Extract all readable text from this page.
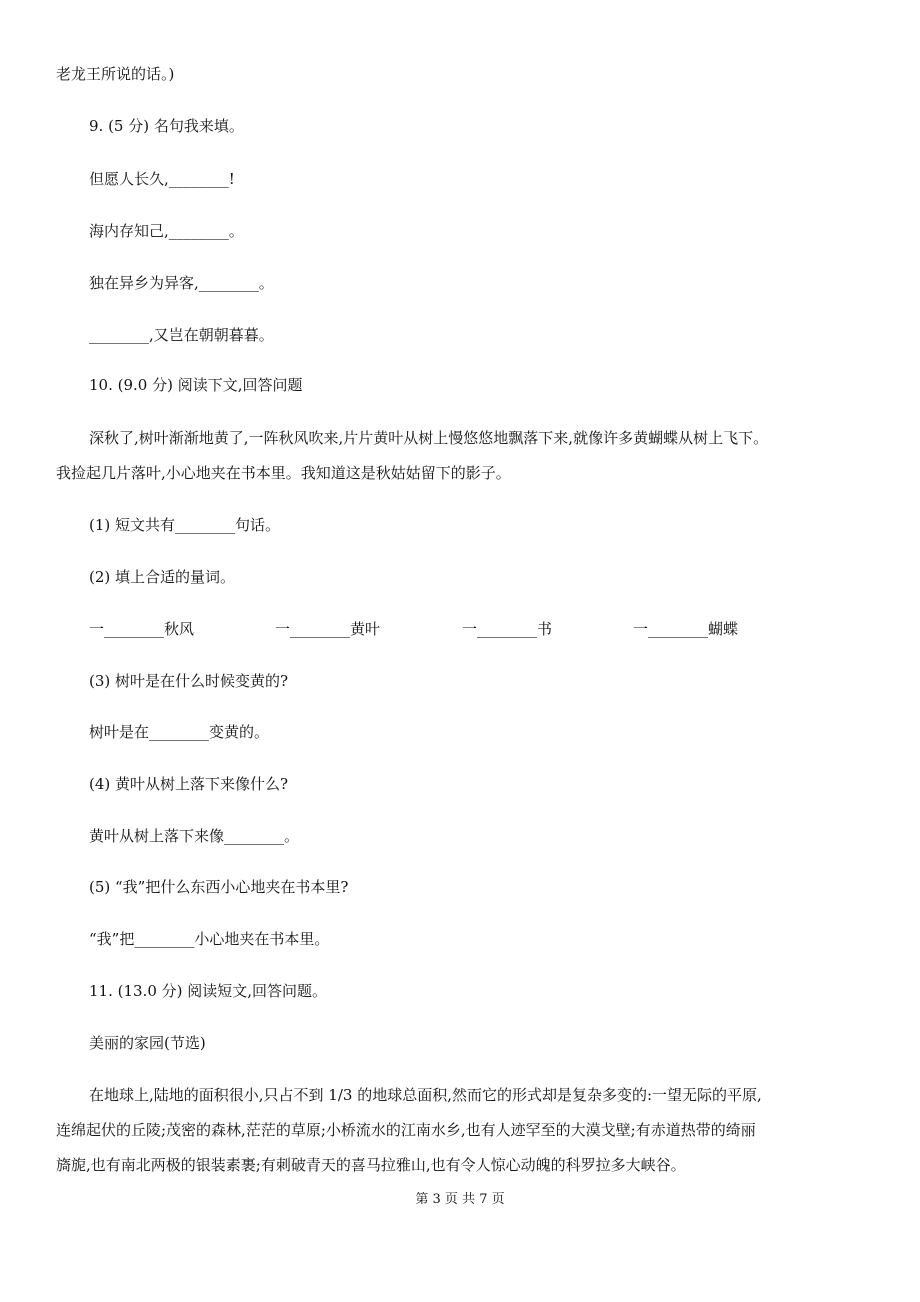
老龙王所说的话。)
9. (5 分) 名句我来填。
但愿人长久,________!
海内存知己,________。
独在异乡为异客,________。
________,又岂在朝朝暮暮。
10. (9.0 分) 阅读下文,回答问题
深秋了,树叶渐渐地黄了,一阵秋风吹来,片片黄叶从树上慢悠悠地飘落下来,就像许多黄蝴蝶从树上飞下。
我捡起几片落叶,小心地夹在书本里。我知道这是秋姑姑留下的影子。
(1) 短文共有________句话。
(2) 填上合适的量词。
一________秋风	一________黄叶	一________书	一________蝴蝶
(3) 树叶是在什么时候变黄的?
树叶是在________变黄的。
(4) 黄叶从树上落下来像什么?
黄叶从树上落下来像________。
(5) “我”把什么东西小心地夹在书本里?
“我”把________小心地夹在书本里。
11. (13.0 分) 阅读短文,回答问题。
美丽的家园(节选)
在地球上,陆地的面积很小,只占不到 1/3 的地球总面积,然而它的形式却是复杂多变的:一望无际的平原,
连绵起伏的丘陵;茂密的森林,茫茫的草原;小桥流水的江南水乡,也有人迹罕至的大漠戈壁;有赤道热带的绮丽
旖旎,也有南北两极的银装素裹;有刺破青天的喜马拉雅山,也有令人惊心动魄的科罗拉多大峡谷。
第 3 页 共 7 页
